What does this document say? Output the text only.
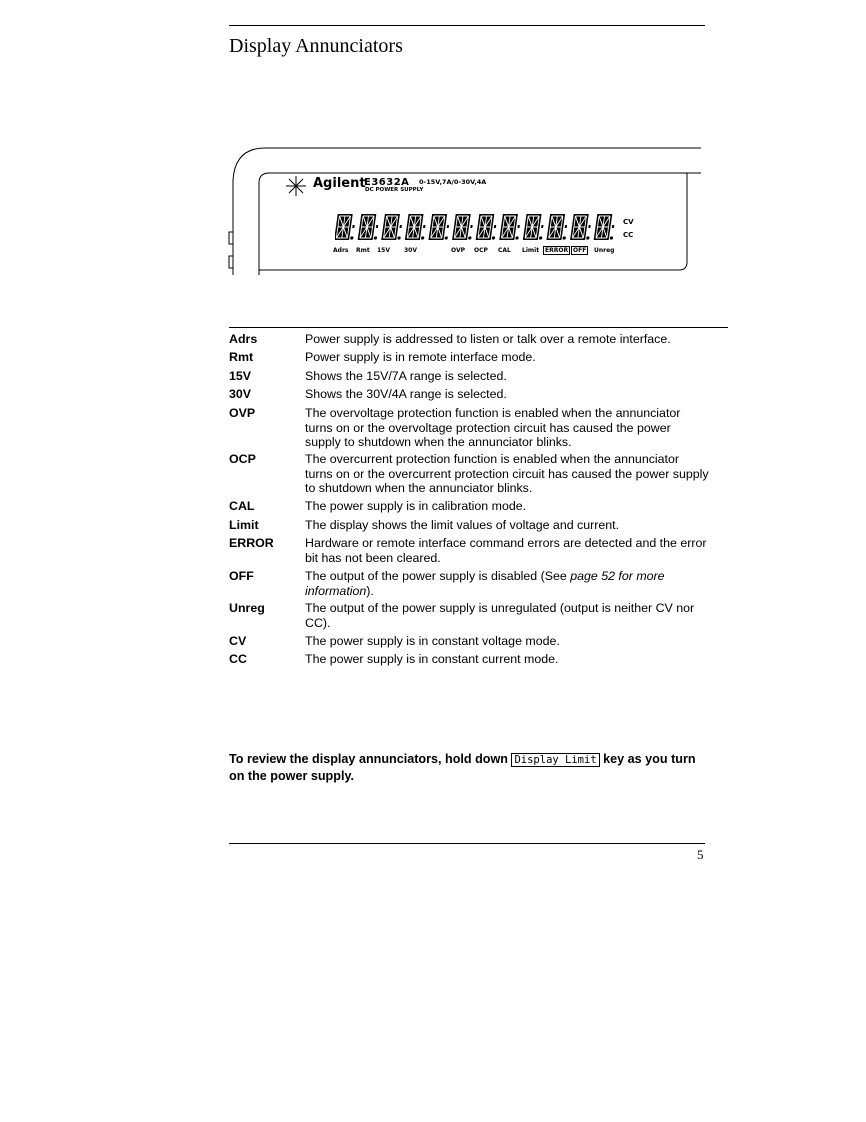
Display Annunciators
Agilent
E3632A 0-15V,7A/0-30V,4A
DC POWER SUPPLY
CV
CC
Adrs Rmt 15V 30V	OVP OCP CAL Limit ERROR OFF	Unreg
Adrs	Power supply is addressed to listen or talk over a remote interface.
Rmt	Power supply is in remote interface mode.
15V	Shows the 15V/7A range is selected.
30V	Shows the 30V/4A range is selected.
OVP	The overvoltage protection function is enabled when the annunciator turns on or the overvoltage protection circuit has caused the power supply to shutdown when the annunciator blinks.
OCP	The overcurrent protection function is enabled when the annunciator turns on or the overcurrent protection circuit has caused the power supply to shutdown when the annunciator blinks.
CAL	The power supply is in calibration mode.
Limit	The display shows the limit values of voltage and current.
ERROR	Hardware or remote interface command errors are detected and the error bit has not been cleared.
OFF	The output of the power supply is disabled (See page 52 for more information).
Unreg	The output of the power supply is unregulated (output is neither CV nor CC).
CV	The power supply is in constant voltage mode.
CC	The power supply is in constant current mode.
To review the display annunciators, hold down Display Limit key as you turn on the power supply.
5
